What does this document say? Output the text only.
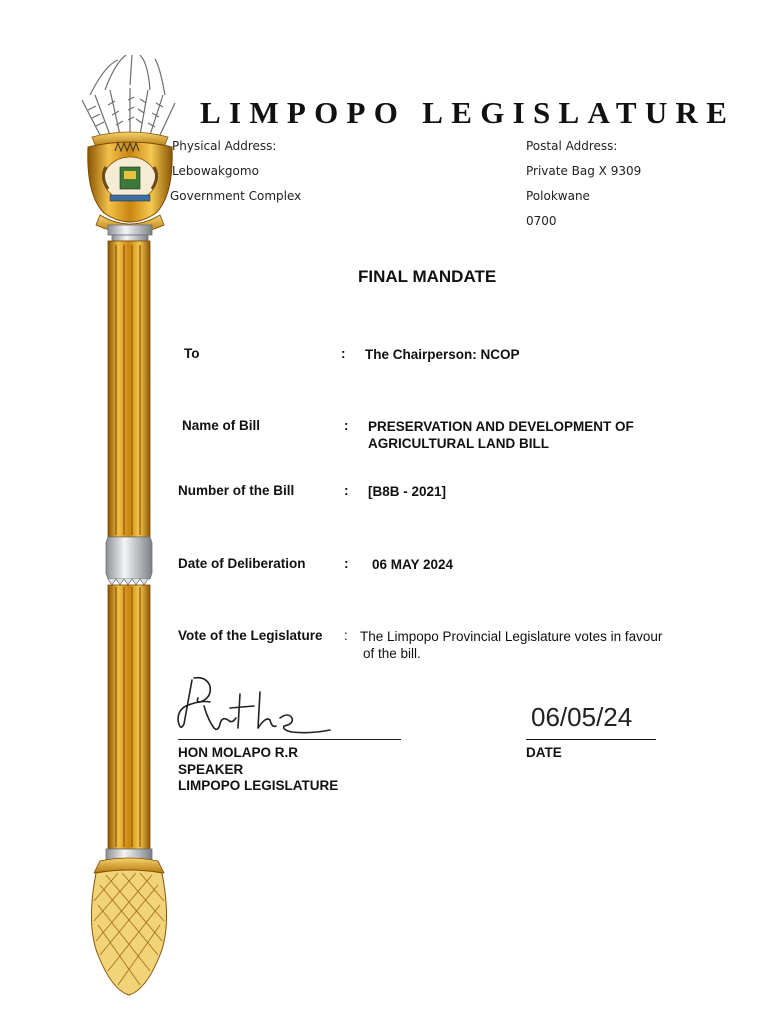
LIMPOPO LEGISLATURE
Physical Address:
Lebowakgomo
Government Complex
Postal Address:
Private Bag X 9309
Polokwane
0700
FINAL MANDATE
To	: The Chairperson: NCOP
Name of Bill	: PRESERVATION AND DEVELOPMENT OF
AGRICULTURAL LAND BILL
Number of the Bill	: [B8B - 2021]
Date of Deliberation	: 06 MAY 2024
Vote of the Legislature : The Limpopo Provincial Legislature votes in favour
of the bill.
06/05/24
DATE
HON MOLAPO R.R
SPEAKER
LIMPOPO LEGISLATURE
